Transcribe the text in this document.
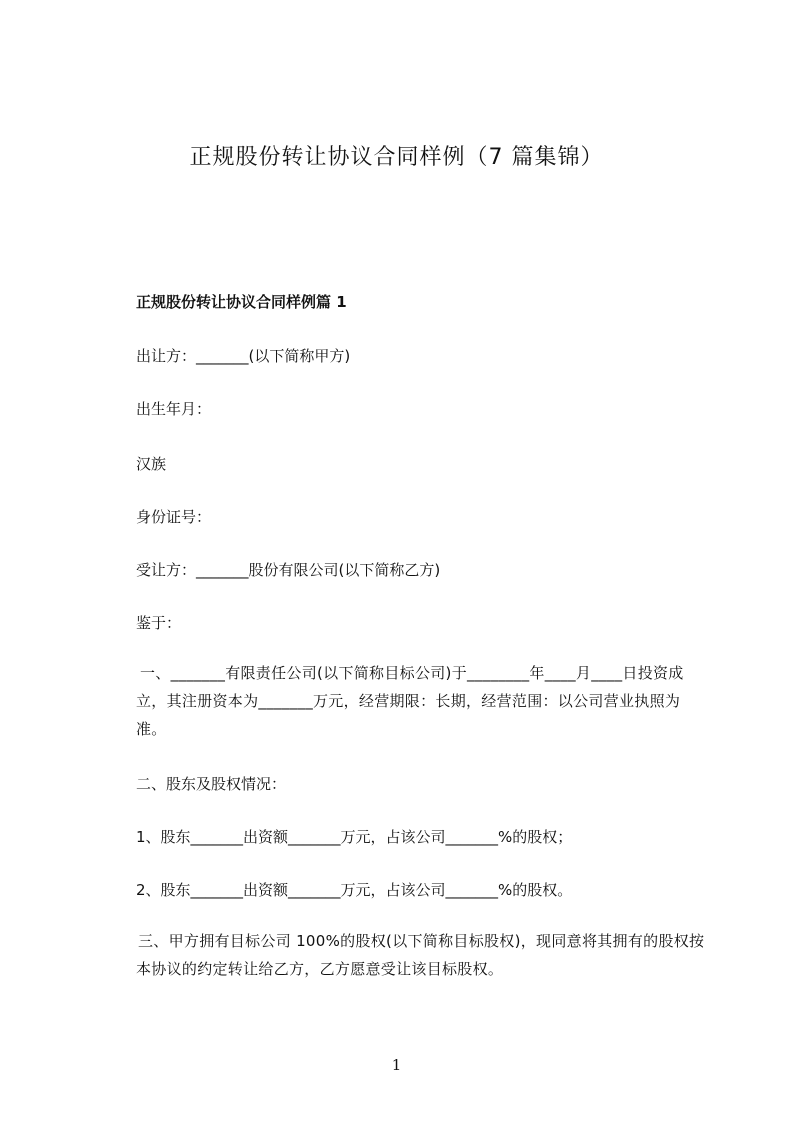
正规股份转让协议合同样例（7 篇集锦）
正规股份转让协议合同样例篇 1
出让方：_______(以下简称甲方)
出生年月：
汉族
身份证号：
受让方：_______股份有限公司(以下简称乙方)
鉴于：
一、_______有限责任公司(以下简称目标公司)于________年____月____日投资成立，其注册资本为_______万元，经营期限：长期，经营范围：以公司营业执照为准。
二、股东及股权情况：
1、股东_______出资额_______万元，占该公司_______%的股权；
2、股东_______出资额_______万元，占该公司_______%的股权。
三、甲方拥有目标公司 100%的股权(以下简称目标股权)，现同意将其拥有的股权按本协议的约定转让给乙方，乙方愿意受让该目标股权。
1
